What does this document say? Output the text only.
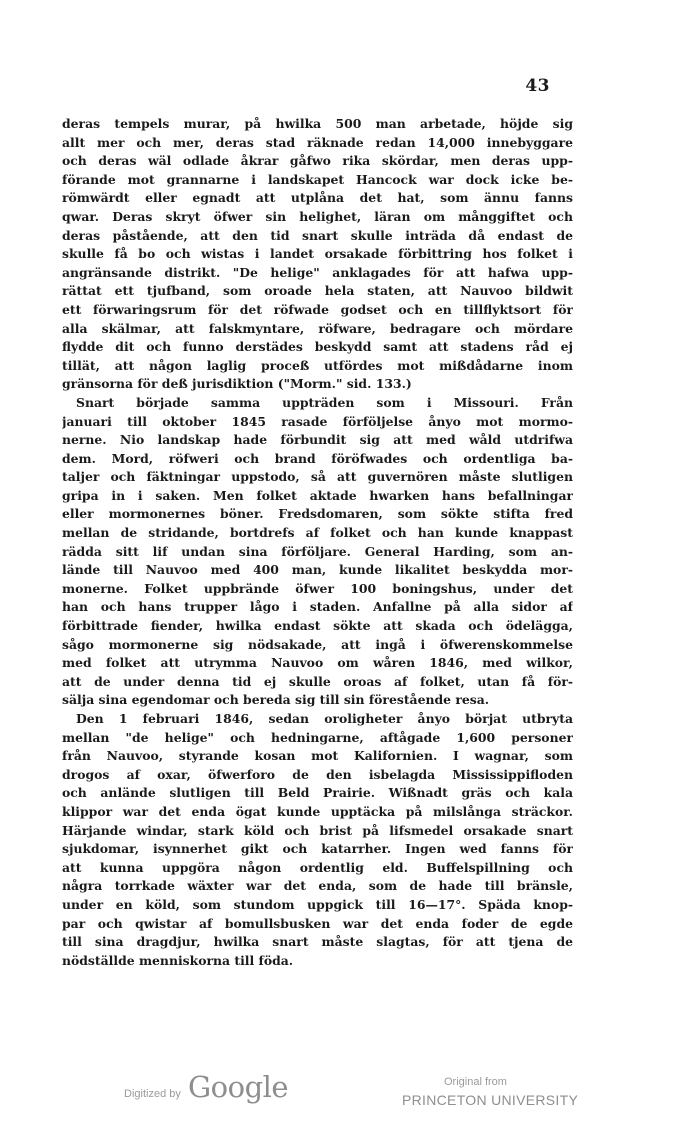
43
deras tempels murar, på hwilka 500 man arbetade, höjde sig
allt mer och mer, deras stad räknade redan 14,000 innebyggare
och deras wäl odlade åkrar gåfwo rika skördar, men deras upp-
förande mot grannarne i landskapet Hancock war dock icke be-
römwärdt eller egnadt att utplåna det hat, som ännu fanns
qwar. Deras skryt öfwer sin helighet, läran om månggiftet och
deras påstående, att den tid snart skulle inträda då endast de
skulle få bo och wistas i landet orsakade förbittring hos folket i
angränsande distrikt. "De helige" anklagades för att hafwa upp-
rättat ett tjufband, som oroade hela staten, att Nauvoo bildwit
ett förwaringsrum för det röfwade godset och en tillflyktsort för
alla skälmar, att falskmyntare, röfware, bedragare och mördare
flydde dit och funno derstädes beskydd samt att stadens råd ej
tillät, att någon laglig proceß utfördes mot mißdådarne inom
gränsorna för deß jurisdiktion ("Morm." sid. 133.)
Snart började samma uppträden som i Missouri. Från
januari till oktober 1845 rasade förföljelse ånyo mot mormo-
nerne. Nio landskap hade förbundit sig att med wåld utdrifwa
dem. Mord, röfweri och brand föröfwades och ordentliga ba-
taljer och fäktningar uppstodo, så att guvernören måste slutligen
gripa in i saken. Men folket aktade hwarken hans befallningar
eller mormonernes böner. Fredsdomaren, som sökte stifta fred
mellan de stridande, bortdrefs af folket och han kunde knappast
rädda sitt lif undan sina förföljare. General Harding, som an-
lände till Nauvoo med 400 man, kunde likalitet beskydda mor-
monerne. Folket uppbrände öfwer 100 boningshus, under det
han och hans trupper lågo i staden. Anfallne på alla sidor af
förbittrade fiender, hwilka endast sökte att skada och ödelägga,
sågo mormonerne sig nödsakade, att ingå i öfwerenskommelse
med folket att utrymma Nauvoo om wåren 1846, med wilkor,
att de under denna tid ej skulle oroas af folket, utan få för-
sälja sina egendomar och bereda sig till sin förestående resa.
Den 1 februari 1846, sedan oroligheter ånyo börjat utbryta
mellan "de helige" och hedningarne, aftågade 1,600 personer
från Nauvoo, styrande kosan mot Kalifornien. I wagnar, som
drogos af oxar, öfwerforo de den isbelagda Mississippifloden
och anlände slutligen till Beld Prairie. Wißnadt gräs och kala
klippor war det enda ögat kunde upptäcka på milslånga sträckor.
Härjande windar, stark köld och brist på lifsmedel orsakade snart
sjukdomar, isynnerhet gikt och katarrher. Ingen wed fanns för
att kunna uppgöra någon ordentlig eld. Buffelspillning och
några torrkade wäxter war det enda, som de hade till bränsle,
under en köld, som stundom uppgick till 16—17°. Späda knop-
par och qwistar af bomullsbusken war det enda foder de egde
till sina dragdjur, hwilka snart måste slagtas, för att tjena de
nödställde menniskorna till föda.
Digitized by Google	Original from
PRINCETON UNIVERSITY
